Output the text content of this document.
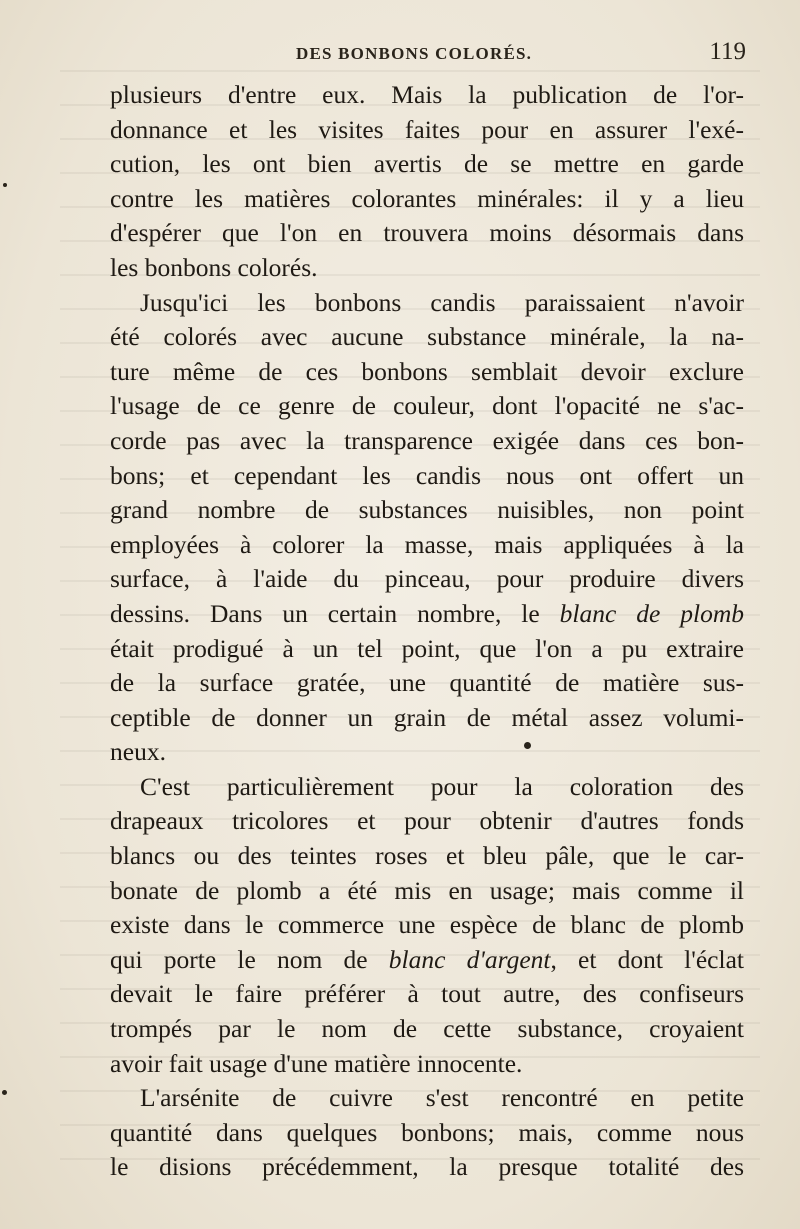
DES BONBONS COLORÉS.	119
plusieurs d'entre eux. Mais la publication de l'or-
donnance et les visites faites pour en assurer l'exé-
cution, les ont bien avertis de se mettre en garde
contre les matières colorantes minérales: il y a lieu
d'espérer que l'on en trouvera moins désormais dans
les bonbons colorés.
Jusqu'ici les bonbons candis paraissaient n'avoir
été colorés avec aucune substance minérale, la na-
ture même de ces bonbons semblait devoir exclure
l'usage de ce genre de couleur, dont l'opacité ne s'ac-
corde pas avec la transparence exigée dans ces bon-
bons; et cependant les candis nous ont offert un
grand nombre de substances nuisibles, non point
employées à colorer la masse, mais appliquées à la
surface, à l'aide du pinceau, pour produire divers
dessins. Dans un certain nombre, le blanc de plomb
était prodigué à un tel point, que l'on a pu extraire
de la surface gratée, une quantité de matière sus-
ceptible de donner un grain de métal assez volumi-
neux.
C'est particulièrement pour la coloration des
drapeaux tricolores et pour obtenir d'autres fonds
blancs ou des teintes roses et bleu pâle, que le car-
bonate de plomb a été mis en usage; mais comme il
existe dans le commerce une espèce de blanc de plomb
qui porte le nom de blanc d'argent, et dont l'éclat
devait le faire préférer à tout autre, des confiseurs
trompés par le nom de cette substance, croyaient
avoir fait usage d'une matière innocente.
L'arsénite de cuivre s'est rencontré en petite
quantité dans quelques bonbons; mais, comme nous
le disions précédemment, la presque totalité des
